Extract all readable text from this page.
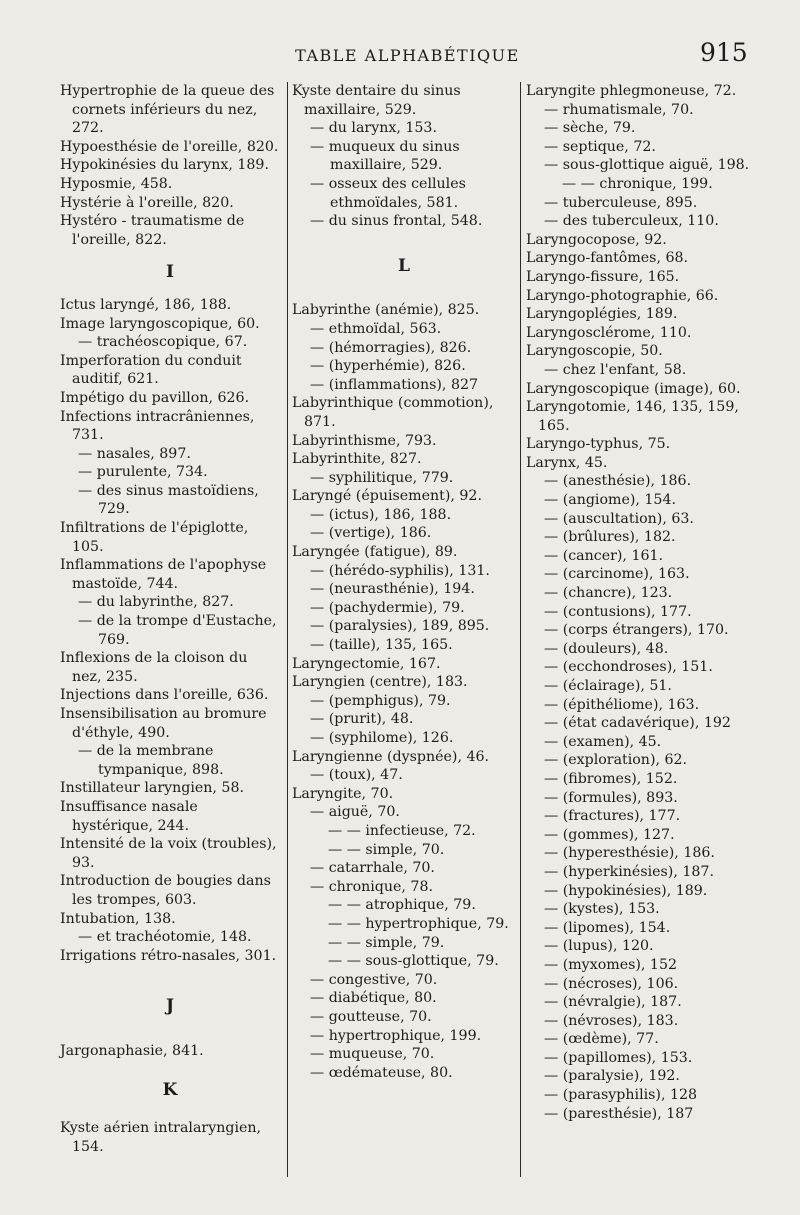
TABLE ALPHABÉTIQUE	915
Hypertrophie de la queue des cornets inférieurs du nez, 272.
Hypoesthésie de l'oreille, 820.
Hypokinésies du larynx, 189.
Hyposmie, 458.
Hystérie à l'oreille, 820.
Hystéro - traumatisme de l'oreille, 822.
I
Ictus laryngé, 186, 188.
Image laryngoscopique, 60.
— trachéoscopique, 67.
Imperforation du conduit auditif, 621.
Impétigo du pavillon, 626.
Infections intracrâniennes, 731.
— nasales, 897.
— purulente, 734.
— des sinus mastoïdiens, 729.
Infiltrations de l'épiglotte, 105.
Inflammations de l'apophyse mastoïde, 744.
— du labyrinthe, 827.
— de la trompe d'Eustache, 769.
Inflexions de la cloison du nez, 235.
Injections dans l'oreille, 636.
Insensibilisation au bromure d'éthyle, 490.
— de la membrane tympanique, 898.
Instillateur laryngien, 58.
Insuffisance nasale hystérique, 244.
Intensité de la voix (troubles), 93.
Introduction de bougies dans les trompes, 603.
Intubation, 138.
— et trachéotomie, 148.
Irrigations rétro-nasales, 301.
J
Jargonaphasie, 841.
K
Kyste aérien intralaryngien, 154.
Kyste dentaire du sinus maxillaire, 529.
— du larynx, 153.
— muqueux du sinus maxillaire, 529.
— osseux des cellules ethmoïdales, 581.
— du sinus frontal, 548.
L
Labyrinthe (anémie), 825.
— ethmoïdal, 563.
— (hémorragies), 826.
— (hyperhémie), 826.
— (inflammations), 827
Labyrinthique (commotion), 871.
Labyrinthisme, 793.
Labyrinthite, 827.
— syphilitique, 779.
Laryngé (épuisement), 92.
— (ictus), 186, 188.
— (vertige), 186.
Laryngée (fatigue), 89.
— (hérédo-syphilis), 131.
— (neurasthénie), 194.
— (pachydermie), 79.
— (paralysies), 189, 895.
— (taille), 135, 165.
Laryngectomie, 167.
Laryngien (centre), 183.
— (pemphigus), 79.
— (prurit), 48.
— (syphilome), 126.
Laryngienne (dyspnée), 46.
— (toux), 47.
Laryngite, 70.
— aiguë, 70.
— — infectieuse, 72.
— — simple, 70.
— catarrhale, 70.
— chronique, 78.
— — atrophique, 79.
— — hypertrophique, 79.
— — simple, 79.
— — sous-glottique, 79.
— congestive, 70.
— diabétique, 80.
— goutteuse, 70.
— hypertrophique, 199.
— muqueuse, 70.
— œdémateuse, 80.
Laryngite phlegmoneuse, 72.
— rhumatismale, 70.
— sèche, 79.
— septique, 72.
— sous-glottique aiguë, 198.
— — chronique, 199.
— tuberculeuse, 895.
— des tuberculeux, 110.
Laryngocopose, 92.
Laryngo-fantômes, 68.
Laryngo-fissure, 165.
Laryngo-photographie, 66.
Laryngoplégies, 189.
Laryngosclérome, 110.
Laryngoscopie, 50.
— chez l'enfant, 58.
Laryngoscopique (image), 60.
Laryngotomie, 146, 135, 159, 165.
Laryngo-typhus, 75.
Larynx, 45.
— (anesthésie), 186.
— (angiome), 154.
— (auscultation), 63.
— (brûlures), 182.
— (cancer), 161.
— (carcinome), 163.
— (chancre), 123.
— (contusions), 177.
— (corps étrangers), 170.
— (douleurs), 48.
— (ecchondroses), 151.
— (éclairage), 51.
— (épithéliome), 163.
— (état cadavérique), 192
— (examen), 45.
— (exploration), 62.
— (fibromes), 152.
— (formules), 893.
— (fractures), 177.
— (gommes), 127.
— (hyperesthésie), 186.
— (hyperkinésies), 187.
— (hypokinésies), 189.
— (kystes), 153.
— (lipomes), 154.
— (lupus), 120.
— (myxomes), 152
— (nécroses), 106.
— (névralgie), 187.
— (névroses), 183.
— (œdème), 77.
— (papillomes), 153.
— (paralysie), 192.
— (parasyphilis), 128
— (paresthésie), 187
